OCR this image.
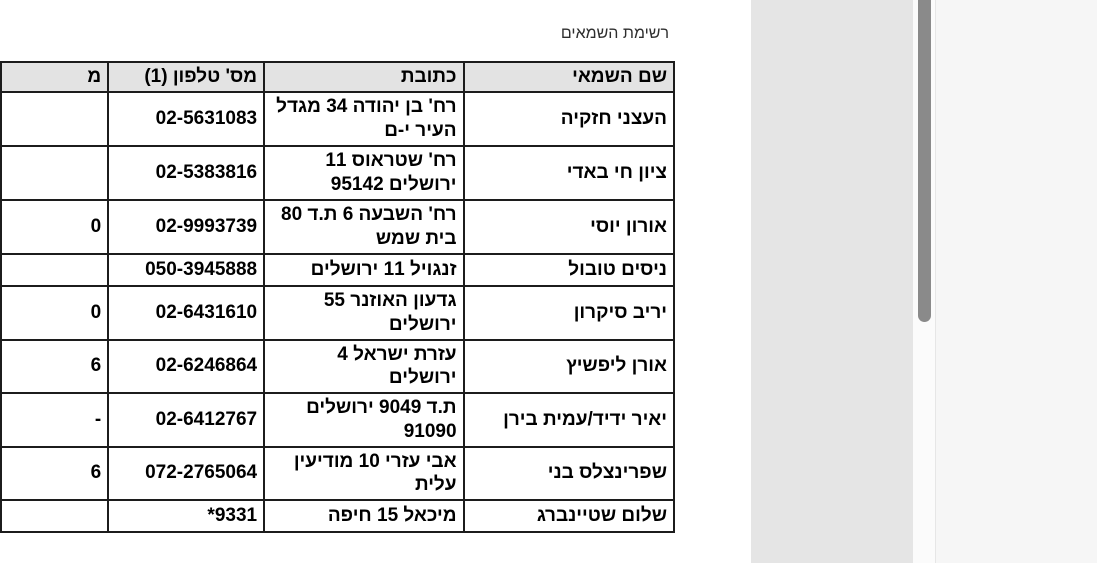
רשימת השמאים
שם השמאי	כתובת	מס' טלפון (1)	מ
העצני חזקיה	רח' בן יהודה 34 מגדל העיר י-ם	02-5631083	
ציון חי באדי	רח' שטראוס 11 ירושלים 95142	02-5383816	
אורון יוסי	רח' השבעה 6 ת.ד 80 בית שמש	02-9993739	0
ניסים טובול	זנגויל 11 ירושלים	050-3945888	
יריב סיקרון	גדעון האוזנר 55 ירושלים	02-6431610	0
אורן ליפשיץ	עזרת ישראל 4 ירושלים	02-6246864	6
יאיר ידיד/עמית בירן	ת.ד 9049 ירושלים 91090	02-6412767	-
שפרינצלס בני	אבי עזרי 10 מודיעין עלית	072-2765064	6
שלום שטיינברג	מיכאל 15 חיפה	*9331	
